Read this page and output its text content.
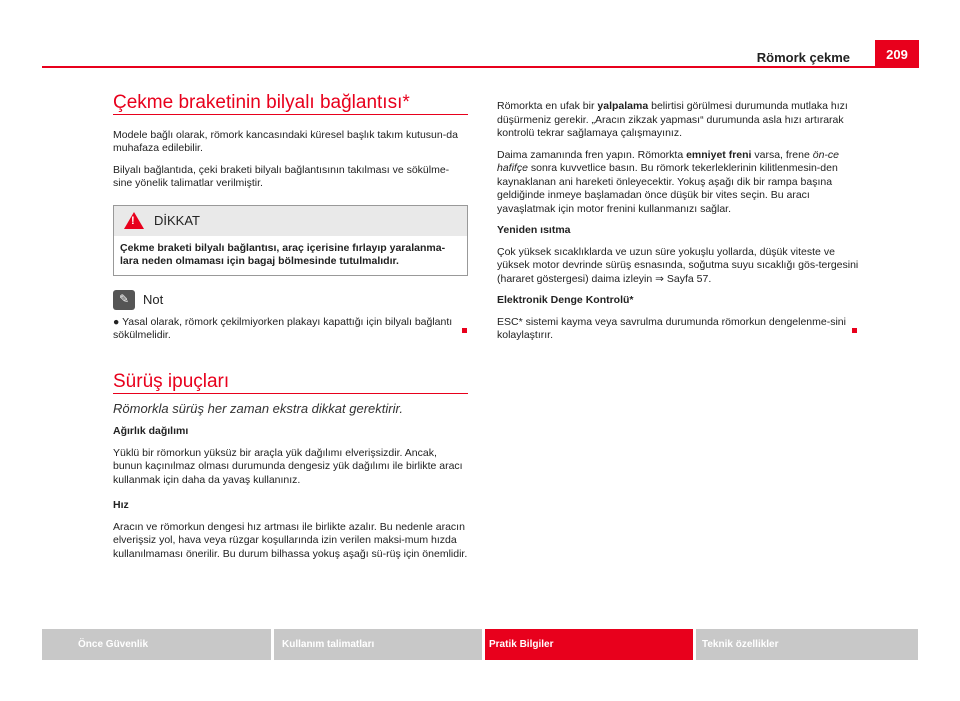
Römork çekme	209
Çekme braketinin bilyalı bağlantısı*

Modele bağlı olarak, römork kancasındaki küresel başlık takım kutusun-da muhafaza edilebilir.

Bilyalı bağlantıda, çeki braketi bilyalı bağlantısının takılması ve sökülme-sine yönelik talimatlar verilmiştir.

! DİKKAT
Çekme braketi bilyalı bağlantısı, araç içerisine fırlayıp yaralanma-lara neden olmaması için bagaj bölmesinde tutulmalıdır.
✎	Not

● Yasal olarak, römork çekilmiyorken plakayı kapattığı için bilyalı bağlantı sökülmelidir.

Sürüş ipuçları

Römorkla sürüş her zaman ekstra dikkat gerektirir.

Ağırlık dağılımı

Yüklü bir römorkun yüksüz bir araçla yük dağılımı elverişsizdir. Ancak, bunun kaçınılmaz olması durumunda dengesiz yük dağılımı ile birlikte aracı kullanmak için daha da yavaş kullanınız.

Hız

Aracın ve römorkun dengesi hız artması ile birlikte azalır. Bu nedenle aracın elverişsiz yol, hava veya rüzgar koşullarında izin verilen maksi-mum hızda kullanılmaması önerilir. Bu durum bilhassa yokuş aşağı sü-rüş için önemlidir.

Römorkta en ufak bir yalpalama belirtisi görülmesi durumunda mutlaka hızı düşürmeniz gerekir. „Aracın zikzak yapması“ durumunda asla hızı artırarak kontrolü tekrar sağlamaya çalışmayınız.

Daima zamanında fren yapın. Römorkta emniyet freni varsa, frene ön-ce hafifçe sonra kuvvetlice basın. Bu römork tekerleklerinin kilitlenmesin-den kaynaklanan ani hareketi önleyecektir. Yokuş aşağı dik bir rampa başına geldiğinde inmeye başlamadan önce düşük bir vites seçin. Bu aracı yavaşlatmak için motor frenini kullanmanızı sağlar.

Yeniden ısıtma

Çok yüksek sıcaklıklarda ve uzun süre yokuşlu yollarda, düşük viteste ve yüksek motor devrinde sürüş esnasında, soğutma suyu sıcaklığı gös-tergesini (hararet göstergesi) daima izleyin ⇒ Sayfa 57.

Elektronik Denge Kontrolü*

ESC* sistemi kayma veya savrulma durumunda römorkun dengelenme-sini kolaylaştırır.

Önce Güvenlik	Kullanım talimatları	Pratik Bilgiler	Teknik özellikler
